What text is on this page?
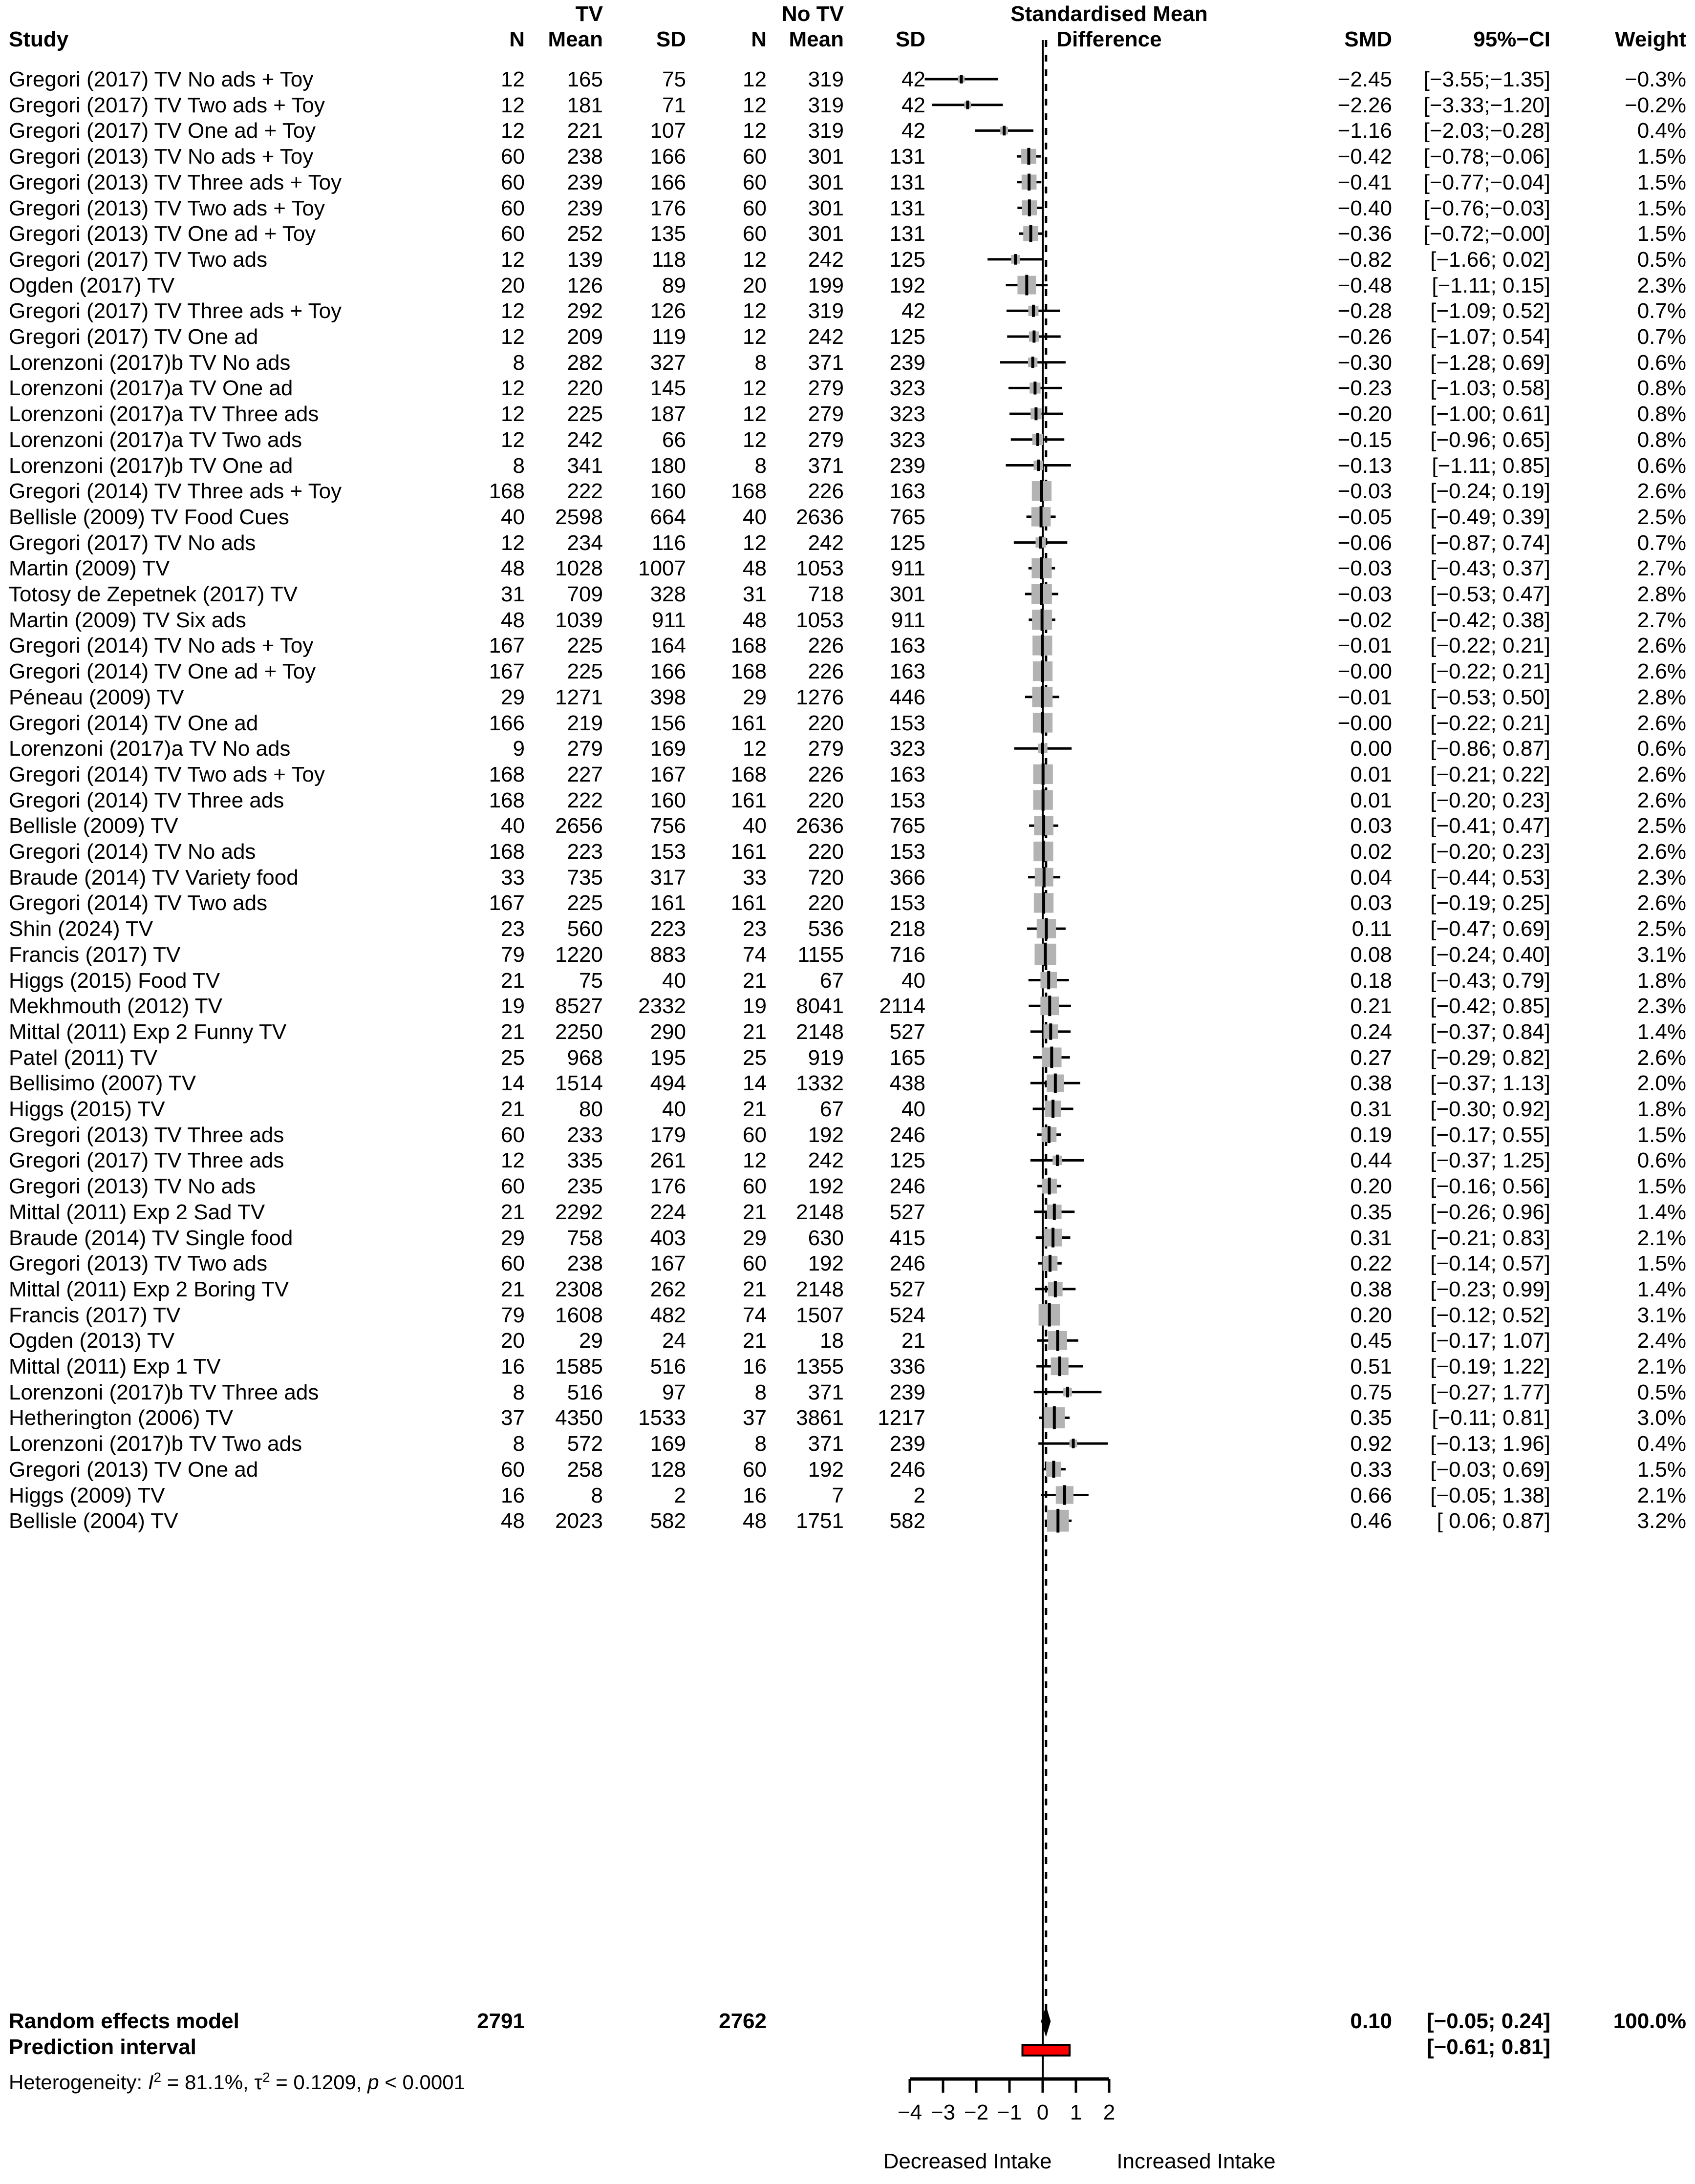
TV	No TV	Standardised Mean
Study	N Mean SD	N Mean SD	Difference	SMD	95%−CI	Weight
Gregori (2017) TV No ads + Toy	12 165	75	12 319	42	−2.45 [−3.55;−1.35]	−0.3%
Gregori (2017) TV Two ads + Toy	12 181	71	12 319	42	−2.26 [−3.33;−1.20]	−0.2%
Gregori (2017) TV One ad + Toy	12 221 107	12 319	42	−1.16 [−2.03;−0.28]	0.4%
Gregori (2013) TV No ads + Toy	60 238 166	60 301 131	−0.42 [−0.78;−0.06]	1.5%
Gregori (2013) TV Three ads + Toy	60 239 166	60 301 131	−0.41 [−0.77;−0.04]	1.5%
Gregori (2013) TV Two ads + Toy	60 239 176	60 301 131	−0.40 [−0.76;−0.03]	1.5%
Gregori (2013) TV One ad + Toy	60 252 135	60 301 131	−0.36 [−0.72;−0.00]	1.5%
Gregori (2017) TV Two ads	12 139 118	12 242 125	−0.82 [−1.66; 0.02]	0.5%
Ogden (2017) TV	20 126	89	20 199 192	−0.48 [−1.11; 0.15]	2.3%
Gregori (2017) TV Three ads + Toy	12 292 126	12 319	42	−0.28 [−1.09; 0.52]	0.7%
Gregori (2017) TV One ad	12 209 119	12 242 125	−0.26 [−1.07; 0.54]	0.7%
Lorenzoni (2017)b TV No ads	8 282 327	8 371 239	−0.30 [−1.28; 0.69]	0.6%
Lorenzoni (2017)a TV One ad	12 220 145	12 279 323	−0.23 [−1.03; 0.58]	0.8%
Lorenzoni (2017)a TV Three ads	12 225 187	12 279 323	−0.20 [−1.00; 0.61]	0.8%
Lorenzoni (2017)a TV Two ads	12 242	66	12 279 323	−0.15 [−0.96; 0.65]	0.8%
Lorenzoni (2017)b TV One ad	8 341 180	8 371 239	−0.13 [−1.11; 0.85]	0.6%
Gregori (2014) TV Three ads + Toy	168 222 160 168 226 163	−0.03 [−0.24; 0.19]	2.6%
Bellisle (2009) TV Food Cues	40 2598 664	40 2636 765	−0.05 [−0.49; 0.39]	2.5%
Gregori (2017) TV No ads	12 234 116	12 242 125	−0.06 [−0.87; 0.74]	0.7%
Martin (2009) TV	48 1028 1007	48 1053 911	−0.03 [−0.43; 0.37]	2.7%
Totosy de Zepetnek (2017) TV	31 709 328	31 718 301	−0.03 [−0.53; 0.47]	2.8%
Martin (2009) TV Six ads	48 1039 911	48 1053 911	−0.02 [−0.42; 0.38]	2.7%
Gregori (2014) TV No ads + Toy	167 225 164 168 226 163	−0.01 [−0.22; 0.21]	2.6%
Gregori (2014) TV One ad + Toy	167 225 166 168 226 163	−0.00 [−0.22; 0.21]	2.6%
Péneau (2009) TV	29 1271 398	29 1276 446	−0.01 [−0.53; 0.50]	2.8%
Gregori (2014) TV One ad	166 219 156 161 220 153	−0.00 [−0.22; 0.21]	2.6%
Lorenzoni (2017)a TV No ads	9 279 169	12 279 323	0.00 [−0.86; 0.87]	0.6%
Gregori (2014) TV Two ads + Toy	168 227 167 168 226 163	0.01 [−0.21; 0.22]	2.6%
Gregori (2014) TV Three ads	168 222 160 161 220 153	0.01 [−0.20; 0.23]	2.6%
Bellisle (2009) TV	40 2656 756	40 2636 765	0.03 [−0.41; 0.47]	2.5%
Gregori (2014) TV No ads	168 223 153 161 220 153	0.02 [−0.20; 0.23]	2.6%
Braude (2014) TV Variety food	33 735 317	33 720 366	0.04 [−0.44; 0.53]	2.3%
Gregori (2014) TV Two ads	167 225 161 161 220 153	0.03 [−0.19; 0.25]	2.6%
Shin (2024) TV	23 560 223	23 536 218	0.11 [−0.47; 0.69]	2.5%
Francis (2017) TV	79 1220 883	74 1155 716	0.08 [−0.24; 0.40]	3.1%
Higgs (2015) Food TV	21	75	40	21 67	40	0.18 [−0.43; 0.79]	1.8%
Mekhmouth (2012) TV	19 8527 2332	19 8041 2114	0.21 [−0.42; 0.85]	2.3%
Mittal (2011) Exp 2 Funny TV	21 2250 290	21 2148 527	0.24 [−0.37; 0.84]	1.4%
Patel (2011) TV	25 968 195	25 919 165	0.27 [−0.29; 0.82]	2.6%
Bellisimo (2007) TV	14 1514 494	14 1332 438	0.38 [−0.37; 1.13]	2.0%
Higgs (2015) TV	21	80	40	21 67	40	0.31 [−0.30; 0.92]	1.8%
Gregori (2013) TV Three ads	60 233 179	60 192 246	0.19 [−0.17; 0.55]	1.5%
Gregori (2017) TV Three ads	12 335 261	12 242 125	0.44 [−0.37; 1.25]	0.6%
Gregori (2013) TV No ads	60 235 176	60 192 246	0.20 [−0.16; 0.56]	1.5%
Mittal (2011) Exp 2 Sad TV	21 2292 224	21 2148 527	0.35 [−0.26; 0.96]	1.4%
Braude (2014) TV Single food	29 758 403	29 630 415	0.31 [−0.21; 0.83]	2.1%
Gregori (2013) TV Two ads	60 238 167	60 192 246	0.22 [−0.14; 0.57]	1.5%
Mittal (2011) Exp 2 Boring TV	21 2308 262	21 2148 527	0.38 [−0.23; 0.99]	1.4%
Francis (2017) TV	79 1608 482	74 1507 524	0.20 [−0.12; 0.52]	3.1%
Ogden (2013) TV	20	29	24	21 18	21	0.45 [−0.17; 1.07]	2.4%
Mittal (2011) Exp 1 TV	16 1585 516	16 1355 336	0.51 [−0.19; 1.22]	2.1%
Lorenzoni (2017)b TV Three ads	8 516	97	8 371 239	0.75 [−0.27; 1.77]	0.5%
Hetherington (2006) TV	37 4350 1533	37 3861 1217	0.35 [−0.11; 0.81]	3.0%
Lorenzoni (2017)b TV Two ads	8 572 169	8 371 239	0.92 [−0.13; 1.96]	0.4%
Gregori (2013) TV One ad	60 258 128	60 192 246	0.33 [−0.03; 0.69]	1.5%
Higgs (2009) TV	16	8	2	16	7	2	0.66 [−0.05; 1.38]	2.1%
Bellisle (2004) TV	48 2023 582	48 1751 582	0.46 [ 0.06; 0.87]	3.2%
Random effects model	2791	2762	0.10 [−0.05; 0.24]	100.0%
Prediction interval	[−0.61; 0.81]
Heterogeneity: $I^2 = 81.1\%$, $\tau^2 = 0.1209$, p < 0.0001
−4 −3 −2 −1 0 1 2
Decreased Intake	Increased Intake
